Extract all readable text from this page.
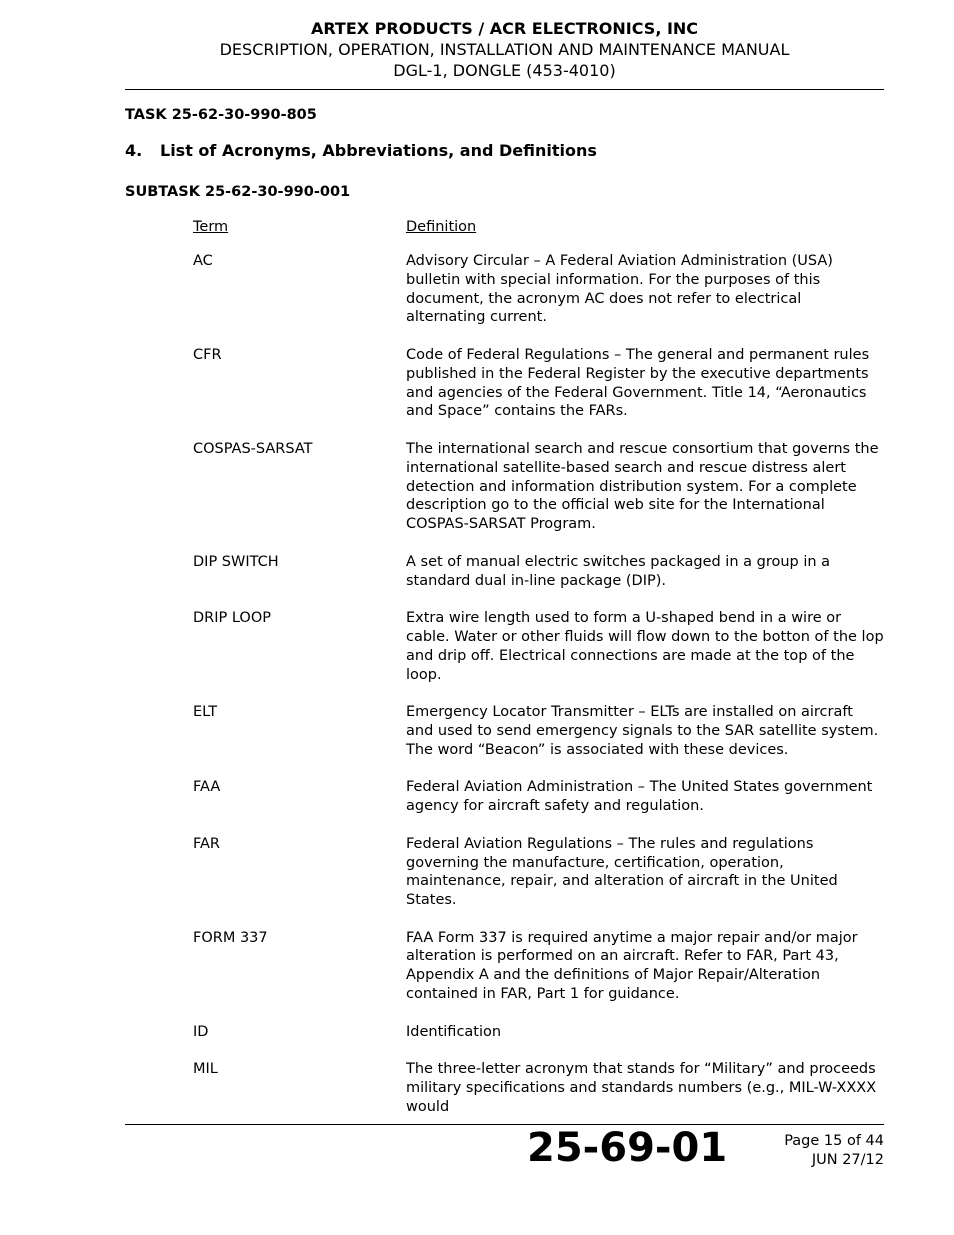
ARTEX PRODUCTS / ACR ELECTRONICS, INC
DESCRIPTION, OPERATION, INSTALLATION AND MAINTENANCE MANUAL
DGL-1, DONGLE (453-4010)
TASK 25-62-30-990-805
4. List of Acronyms, Abbreviations, and Definitions
SUBTASK 25-62-30-990-001
Term	Definition
AC	Advisory Circular – A Federal Aviation Administration (USA) bulletin with special information. For the purposes of this document, the acronym AC does not refer to electrical alternating current.
CFR	Code of Federal Regulations – The general and permanent rules published in the Federal Register by the executive departments and agencies of the Federal Government. Title 14, “Aeronautics and Space” contains the FARs.
COSPAS-SARSAT	The international search and rescue consortium that governs the international satellite-based search and rescue distress alert detection and information distribution system. For a complete description go to the official web site for the International COSPAS-SARSAT Program.
DIP SWITCH	A set of manual electric switches packaged in a group in a standard dual in-line package (DIP).
DRIP LOOP	Extra wire length used to form a U-shaped bend in a wire or cable. Water or other fluids will flow down to the botton of the lop and drip off. Electrical connections are made at the top of the loop.
ELT	Emergency Locator Transmitter – ELTs are installed on aircraft and used to send emergency signals to the SAR satellite system. The word “Beacon” is associated with these devices.
FAA	Federal Aviation Administration – The United States government agency for aircraft safety and regulation.
FAR	Federal Aviation Regulations – The rules and regulations governing the manufacture, certification, operation, maintenance, repair, and alteration of aircraft in the United States.
FORM 337	FAA Form 337 is required anytime a major repair and/or major alteration is performed on an aircraft. Refer to FAR, Part 43, Appendix A and the definitions of Major Repair/Alteration contained in FAR, Part 1 for guidance.
ID	Identification
MIL	The three-letter acronym that stands for “Military” and proceeds military specifications and standards numbers (e.g., MIL-W-XXXX would
25-69-01	Page 15 of 44
JUN 27/12
